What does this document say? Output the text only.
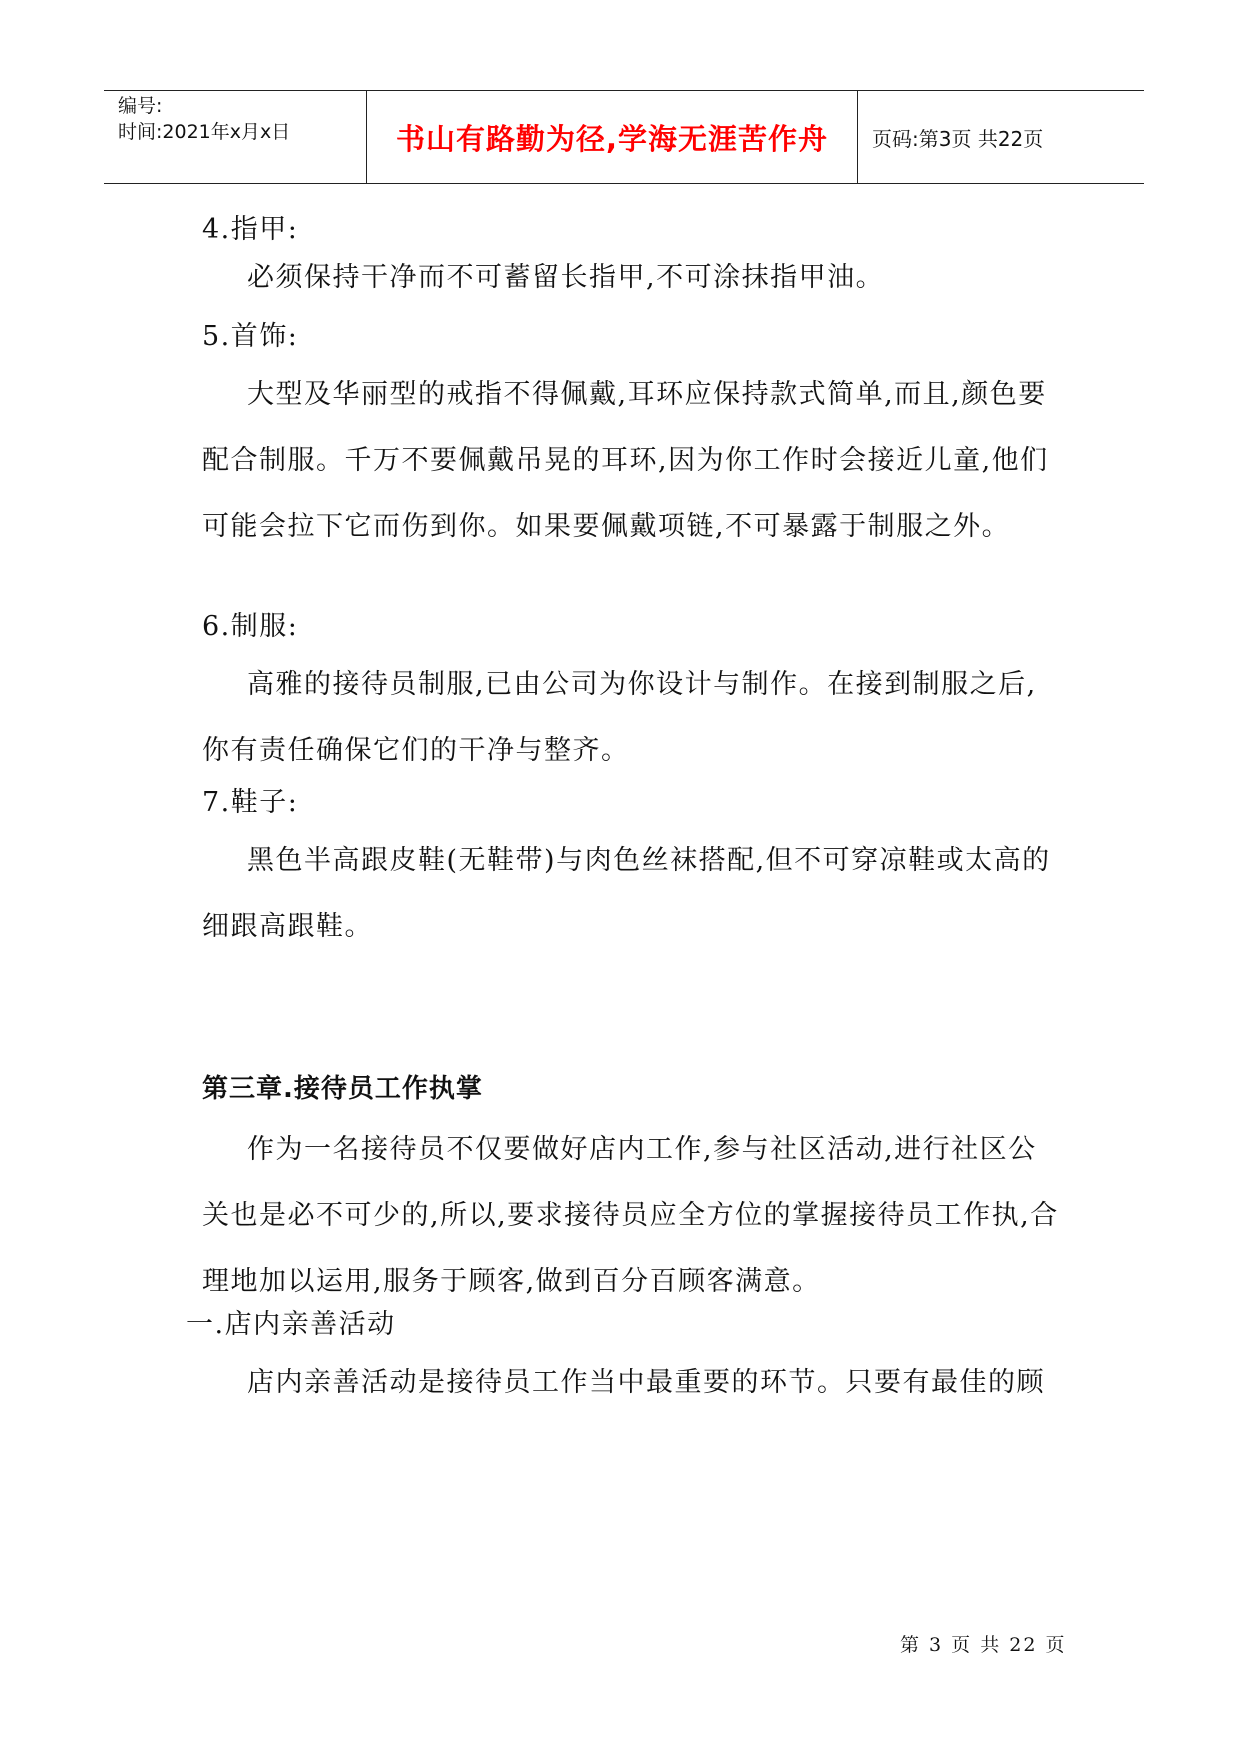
编号:
时间:2021年x月x日	书山有路勤为径,学海无涯苦作舟	页码:第3页 共22页

4.指甲:

必须保持干净而不可蓄留长指甲,不可涂抹指甲油。

5.首饰:

大型及华丽型的戒指不得佩戴,耳环应保持款式简单,而且,颜色要配合制服。千万不要佩戴吊晃的耳环,因为你工作时会接近儿童,他们可能会拉下它而伤到你。如果要佩戴项链,不可暴露于制服之外。

6.制服:

高雅的接待员制服,已由公司为你设计与制作。在接到制服之后,你有责任确保它们的干净与整齐。

7.鞋子:

黑色半高跟皮鞋(无鞋带)与肉色丝袜搭配,但不可穿凉鞋或太高的细跟高跟鞋。

第三章.接待员工作执掌

作为一名接待员不仅要做好店内工作,参与社区活动,进行社区公关也是必不可少的,所以,要求接待员应全方位的掌握接待员工作执,合理地加以运用,服务于顾客,做到百分百顾客满意。

一.店内亲善活动

店内亲善活动是接待员工作当中最重要的环节。只要有最佳的顾

第 3 页 共 22 页
